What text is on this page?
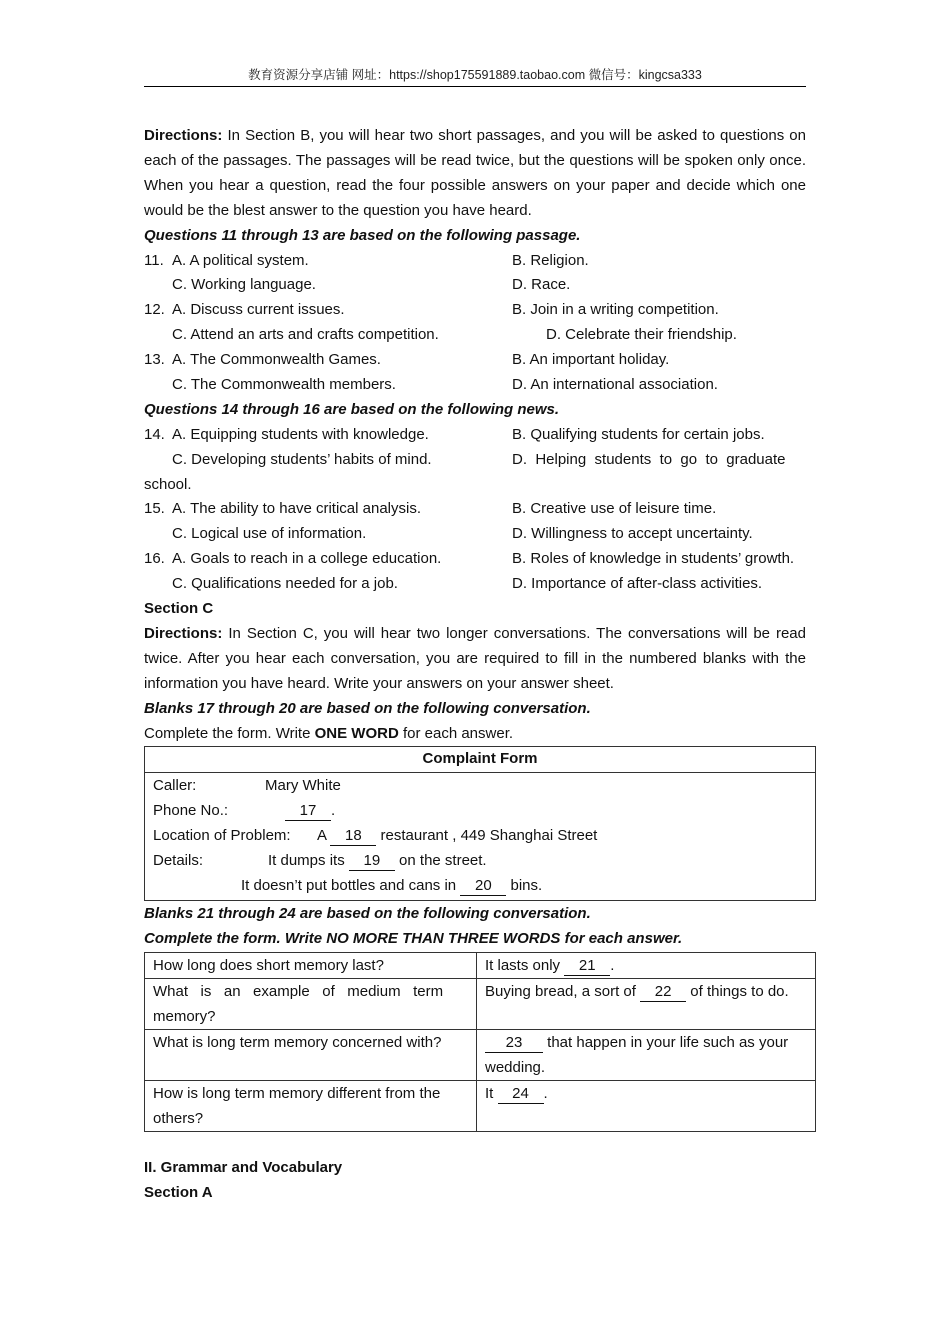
教育资源分享店铺 网址：https://shop175591889.taobao.com 微信号：kingcsa333
Directions: In Section B, you will hear two short passages, and you will be asked to questions on each of the passages. The passages will be read twice, but the questions will be spoken only once. When you hear a question, read the four possible answers on your paper and decide which one would be the blest answer to the question you have heard.
Questions 11 through 13 are based on the following passage.
11. A. A political system.	B. Religion.
C. Working language.	D. Race.
12. A. Discuss current issues.	B. Join in a writing competition.
C. Attend an arts and crafts competition.	D. Celebrate their friendship.
13. A. The Commonwealth Games.	B. An important holiday.
C. The Commonwealth members.	D. An international association.
Questions 14 through 16 are based on the following news.
14. A. Equipping students with knowledge.	B. Qualifying students for certain jobs.
C. Developing students’ habits of mind.	D.  Helping  students  to  go  to  graduate
school.
15. A. The ability to have critical analysis.	B. Creative use of leisure time.
C. Logical use of information.	D. Willingness to accept uncertainty.
16. A. Goals to reach in a college education.	B. Roles of knowledge in students’ growth.
C. Qualifications needed for a job.	D. Importance of after-class activities.
Section C
Directions: In Section C, you will hear two longer conversations. The conversations will be read twice. After you hear each conversation, you are required to fill in the numbered blanks with the information you have heard. Write your answers on your answer sheet.
Blanks 17 through 20 are based on the following conversation.
Complete the form. Write ONE WORD for each answer.
Complaint Form

Caller:	Mary White
Phone No.:	17 .
Location of Problem: A 18 restaurant , 449 Shanghai Street
Details:	It dumps its 19 on the street.
It doesn’t put bottles and cans in 20 bins.
Blanks 21 through 24 are based on the following conversation.
Complete the form. Write NO MORE THAN THREE WORDS for each answer.
How long does short memory last?	It lasts only 21 .
What   is   an   example   of   medium   term
memory?	Buying bread, a sort of 22 of things to do.
What is long term memory concerned with?	23 that happen in your life such as your
wedding.
How is long term memory different from the
others?	It 24 .
II. Grammar and Vocabulary
Section A
